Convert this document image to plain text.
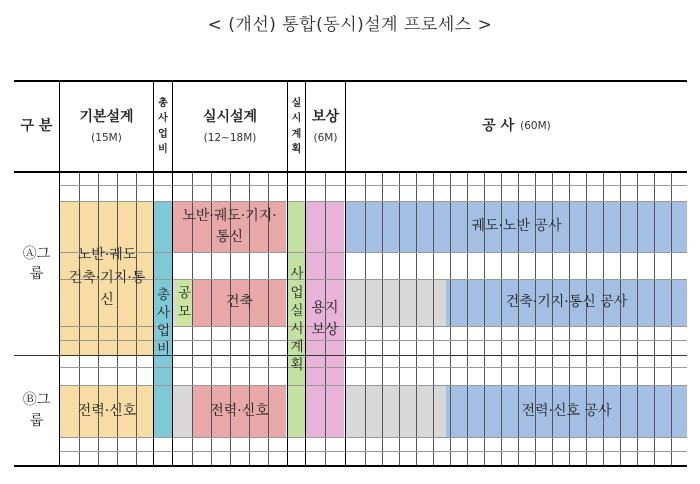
< (개선) 통합(동시)설계 프로세스 >
구 분
기본설계
(15M)
총
사
업
비
실시설계
(12~18M)
실
시
계
획
보상
(6M)
공 사 (60M)
Ⓐ그
룹
Ⓑ그
룹
노반·궤도
건축·기지·통
신
전력·신호
총
사
업
비
노반·궤도·기지·
통신
공
모
건축
전력·신호
사
업
실
시
계
획
용지
보상
궤도·노반 공사
건축·기지·통신 공사
전력·신호 공사
